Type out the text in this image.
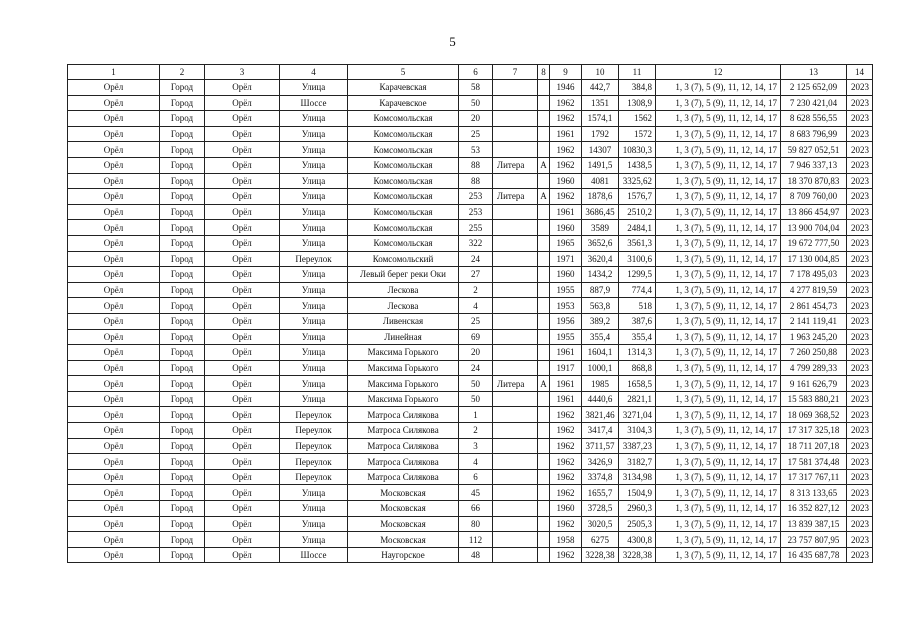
5
1	2	3	4	5	6	7	8	9	10	11	12	13	14
Орёл	Город	Орёл	Улица	Карачевская	58			1946	442,7	384,8	1, 3 (7), 5 (9), 11, 12, 14, 17	2 125 652,09	2023
Орёл	Город	Орёл	Шоссе	Карачевское	50			1962	1351	1308,9	1, 3 (7), 5 (9), 11, 12, 14, 17	7 230 421,04	2023
Орёл	Город	Орёл	Улица	Комсомольская	20			1962	1574,1	1562	1, 3 (7), 5 (9), 11, 12, 14, 17	8 628 556,55	2023
Орёл	Город	Орёл	Улица	Комсомольская	25			1961	1792	1572	1, 3 (7), 5 (9), 11, 12, 14, 17	8 683 796,99	2023
Орёл	Город	Орёл	Улица	Комсомольская	53			1962	14307	10830,3	1, 3 (7), 5 (9), 11, 12, 14, 17	59 827 052,51	2023
Орёл	Город	Орёл	Улица	Комсомольская	88	Литера	А	1962	1491,5	1438,5	1, 3 (7), 5 (9), 11, 12, 14, 17	7 946 337,13	2023
Орёл	Город	Орёл	Улица	Комсомольская	88			1960	4081	3325,62	1, 3 (7), 5 (9), 11, 12, 14, 17	18 370 870,83	2023
Орёл	Город	Орёл	Улица	Комсомольская	253	Литера	А	1962	1878,6	1576,7	1, 3 (7), 5 (9), 11, 12, 14, 17	8 709 760,00	2023
Орёл	Город	Орёл	Улица	Комсомольская	253			1961	3686,45	2510,2	1, 3 (7), 5 (9), 11, 12, 14, 17	13 866 454,97	2023
Орёл	Город	Орёл	Улица	Комсомольская	255			1960	3589	2484,1	1, 3 (7), 5 (9), 11, 12, 14, 17	13 900 704,04	2023
Орёл	Город	Орёл	Улица	Комсомольская	322			1965	3652,6	3561,3	1, 3 (7), 5 (9), 11, 12, 14, 17	19 672 777,50	2023
Орёл	Город	Орёл	Переулок	Комсомольский	24			1971	3620,4	3100,6	1, 3 (7), 5 (9), 11, 12, 14, 17	17 130 004,85	2023
Орёл	Город	Орёл	Улица	Левый берег реки Оки	27			1960	1434,2	1299,5	1, 3 (7), 5 (9), 11, 12, 14, 17	7 178 495,03	2023
Орёл	Город	Орёл	Улица	Лескова	2			1955	887,9	774,4	1, 3 (7), 5 (9), 11, 12, 14, 17	4 277 819,59	2023
Орёл	Город	Орёл	Улица	Лескова	4			1953	563,8	518	1, 3 (7), 5 (9), 11, 12, 14, 17	2 861 454,73	2023
Орёл	Город	Орёл	Улица	Ливенская	25			1956	389,2	387,6	1, 3 (7), 5 (9), 11, 12, 14, 17	2 141 119,41	2023
Орёл	Город	Орёл	Улица	Линейная	69			1955	355,4	355,4	1, 3 (7), 5 (9), 11, 12, 14, 17	1 963 245,20	2023
Орёл	Город	Орёл	Улица	Максима Горького	20			1961	1604,1	1314,3	1, 3 (7), 5 (9), 11, 12, 14, 17	7 260 250,88	2023
Орёл	Город	Орёл	Улица	Максима Горького	24			1917	1000,1	868,8	1, 3 (7), 5 (9), 11, 12, 14, 17	4 799 289,33	2023
Орёл	Город	Орёл	Улица	Максима Горького	50	Литера	А	1961	1985	1658,5	1, 3 (7), 5 (9), 11, 12, 14, 17	9 161 626,79	2023
Орёл	Город	Орёл	Улица	Максима Горького	50			1961	4440,6	2821,1	1, 3 (7), 5 (9), 11, 12, 14, 17	15 583 880,21	2023
Орёл	Город	Орёл	Переулок	Матроса Силякова	1			1962	3821,46	3271,04	1, 3 (7), 5 (9), 11, 12, 14, 17	18 069 368,52	2023
Орёл	Город	Орёл	Переулок	Матроса Силякова	2			1962	3417,4	3104,3	1, 3 (7), 5 (9), 11, 12, 14, 17	17 317 325,18	2023
Орёл	Город	Орёл	Переулок	Матроса Силякова	3			1962	3711,57	3387,23	1, 3 (7), 5 (9), 11, 12, 14, 17	18 711 207,18	2023
Орёл	Город	Орёл	Переулок	Матроса Силякова	4			1962	3426,9	3182,7	1, 3 (7), 5 (9), 11, 12, 14, 17	17 581 374,48	2023
Орёл	Город	Орёл	Переулок	Матроса Силякова	6			1962	3374,8	3134,98	1, 3 (7), 5 (9), 11, 12, 14, 17	17 317 767,11	2023
Орёл	Город	Орёл	Улица	Московская	45			1962	1655,7	1504,9	1, 3 (7), 5 (9), 11, 12, 14, 17	8 313 133,65	2023
Орёл	Город	Орёл	Улица	Московская	66			1960	3728,5	2960,3	1, 3 (7), 5 (9), 11, 12, 14, 17	16 352 827,12	2023
Орёл	Город	Орёл	Улица	Московская	80			1962	3020,5	2505,3	1, 3 (7), 5 (9), 11, 12, 14, 17	13 839 387,15	2023
Орёл	Город	Орёл	Улица	Московская	112			1958	6275	4300,8	1, 3 (7), 5 (9), 11, 12, 14, 17	23 757 807,95	2023
Орёл	Город	Орёл	Шоссе	Наугорское	48			1962	3228,38	3228,38	1, 3 (7), 5 (9), 11, 12, 14, 17	16 435 687,78	2023
